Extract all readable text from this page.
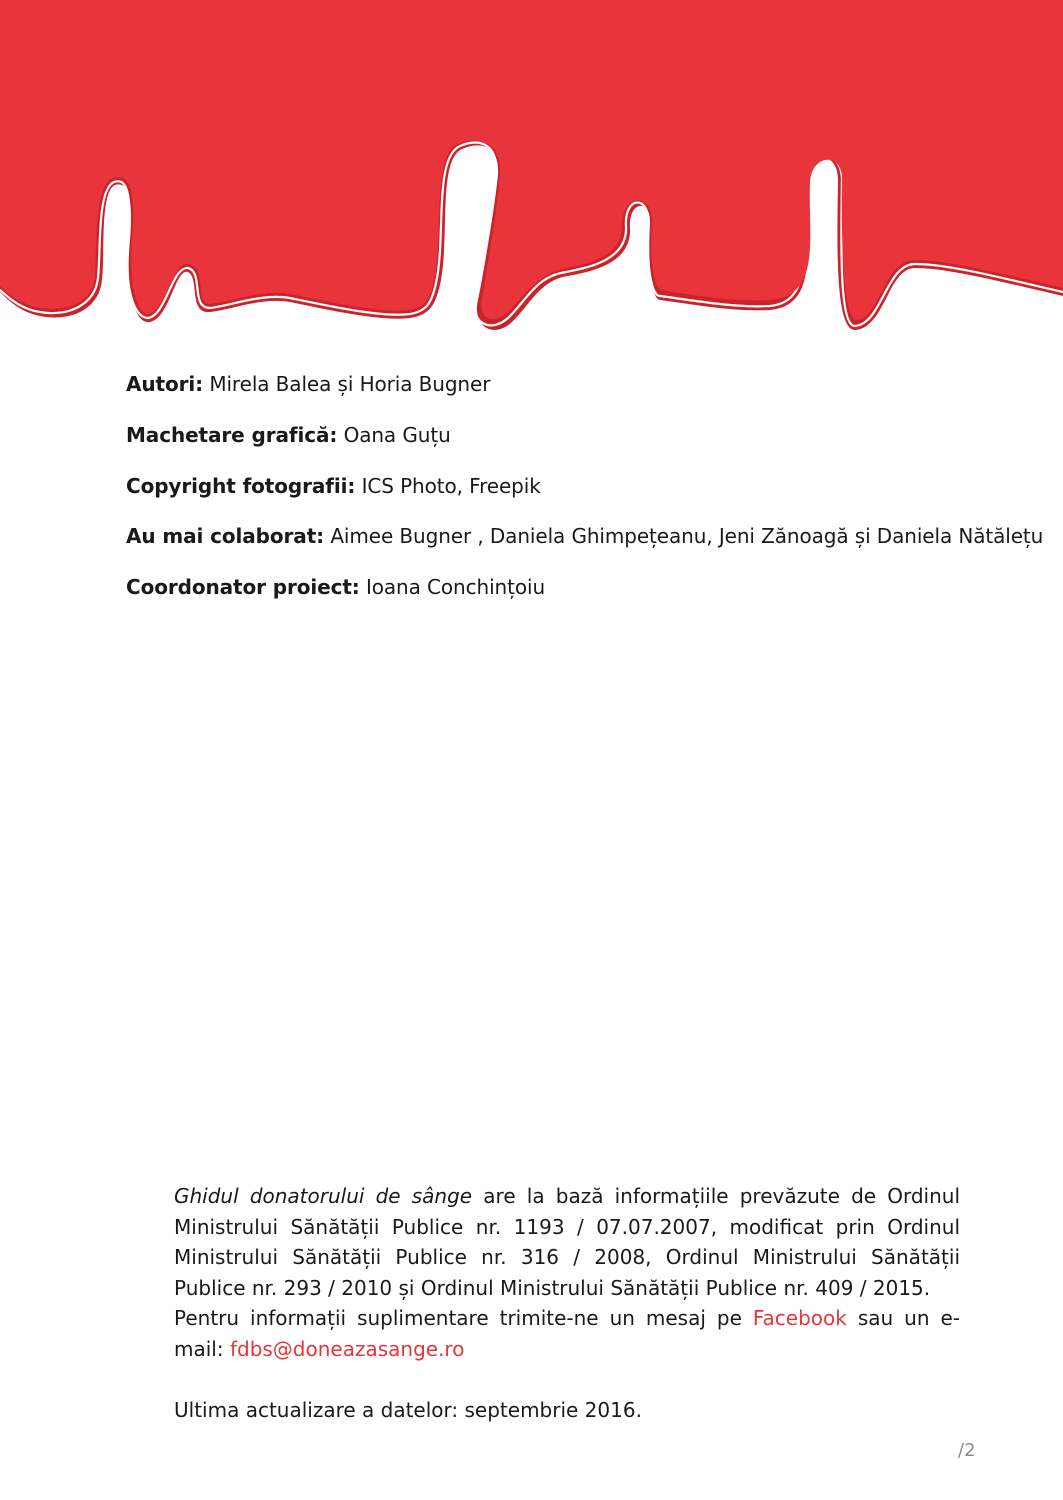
Autori: Mirela Balea și Horia Bugner
Machetare grafică: Oana Guțu
Copyright fotografii: ICS Photo, Freepik
Au mai colaborat: Aimee Bugner , Daniela Ghimpețeanu, Jeni Zănoagă și Daniela Nătălețu
Coordonator proiect: Ioana Conchințoiu

Ghidul donatorului de sânge are la bază informațiile prevăzute de Ordinul Ministrului Sănătății Publice nr. 1193 / 07.07.2007, modificat prin Ordinul Ministrului Sănătății Publice nr. 316 / 2008, Ordinul Ministrului Sănătății Publice nr. 293 / 2010 și Ordinul Ministrului Sănătății Publice nr. 409 / 2015.

Pentru informații suplimentare trimite-ne un mesaj pe Facebook sau un e-mail: fdbs@doneazasange.ro

Ultima actualizare a datelor: septembrie 2016.

/2
